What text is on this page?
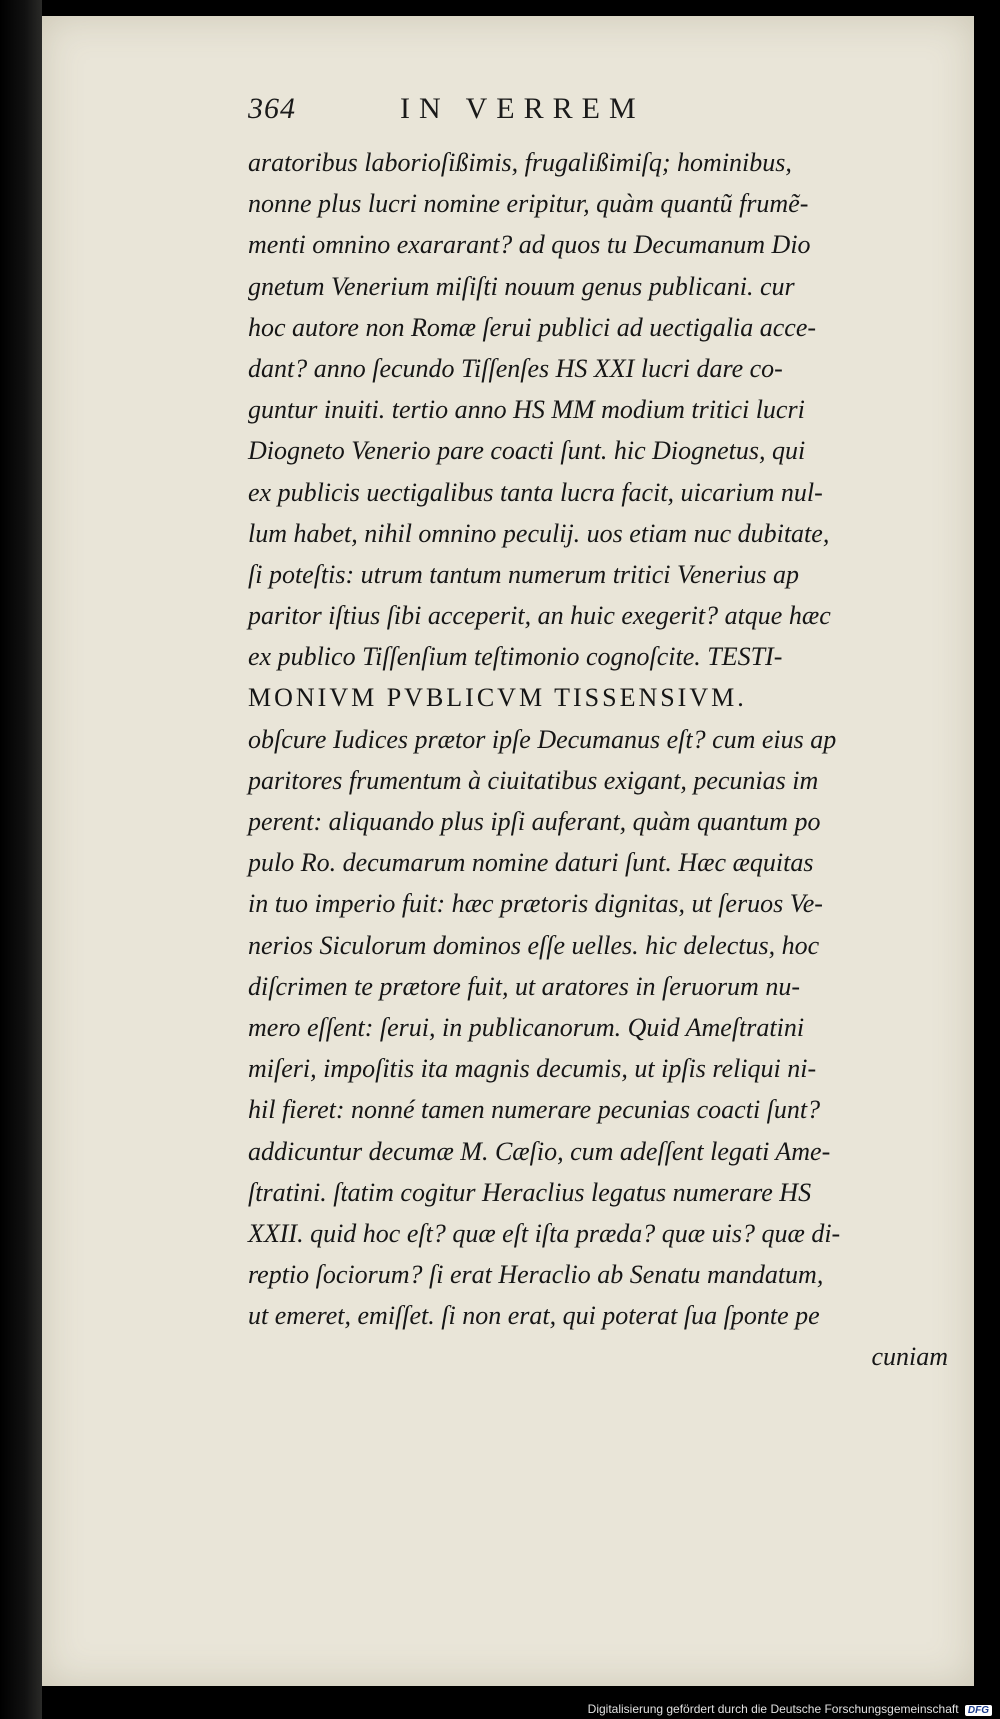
364	IN VERREM
aratoribus laborioſißimis, frugalißimiſq; hominibus,
nonne plus lucri nomine eripitur, quàm quantũ frumẽ-
menti omnino exararant? ad quos tu Decumanum Dio
gnetum Venerium miſiſti nouum genus publicani. cur
hoc autore non Romæ ſerui publici ad uectigalia acce-
dant? anno ſecundo Tiſſenſes HS XXI lucri dare co-
guntur inuiti. tertio anno HS MM modium tritici lucri
Diogneto Venerio pare coacti ſunt. hic Diognetus, qui
ex publicis uectigalibus tanta lucra facit, uicarium nul-
lum habet, nihil omnino peculij. uos etiam nuc dubitate,
ſi poteſtis: utrum tantum numerum tritici Venerius ap
paritor iſtius ſibi acceperit, an huic exegerit? atque hæc
ex publico Tiſſenſium teſtimonio cognoſcite. TESTI-
MONIVM PVBLICVM TISSENSIVM.
obſcure Iudices prætor ipſe Decumanus eſt? cum eius ap
paritores frumentum à ciuitatibus exigant, pecunias im
perent: aliquando plus ipſi auferant, quàm quantum po
pulo Ro. decumarum nomine daturi ſunt. Hæc æquitas
in tuo imperio fuit: hæc prætoris dignitas, ut ſeruos Ve-
nerios Siculorum dominos eſſe uelles. hic delectus, hoc
diſcrimen te prætore fuit, ut aratores in ſeruorum nu-
mero eſſent: ſerui, in publicanorum. Quid Ameſtratini
miſeri, impoſitis ita magnis decumis, ut ipſis reliqui ni-
hil fieret: nonné tamen numerare pecunias coacti ſunt?
addicuntur decumæ M. Cæſio, cum adeſſent legati Ame-
ſtratini. ſtatim cogitur Heraclius legatus numerare HS
XXII. quid hoc eſt? quæ eſt iſta præda? quæ uis? quæ di-
reptio ſociorum? ſi erat Heraclio ab Senatu mandatum,
ut emeret, emiſſet. ſi non erat, qui poterat ſua ſponte pe
cuniam
Digitalisierung gefördert durch die Deutsche Forschungsgemeinschaft DFG
